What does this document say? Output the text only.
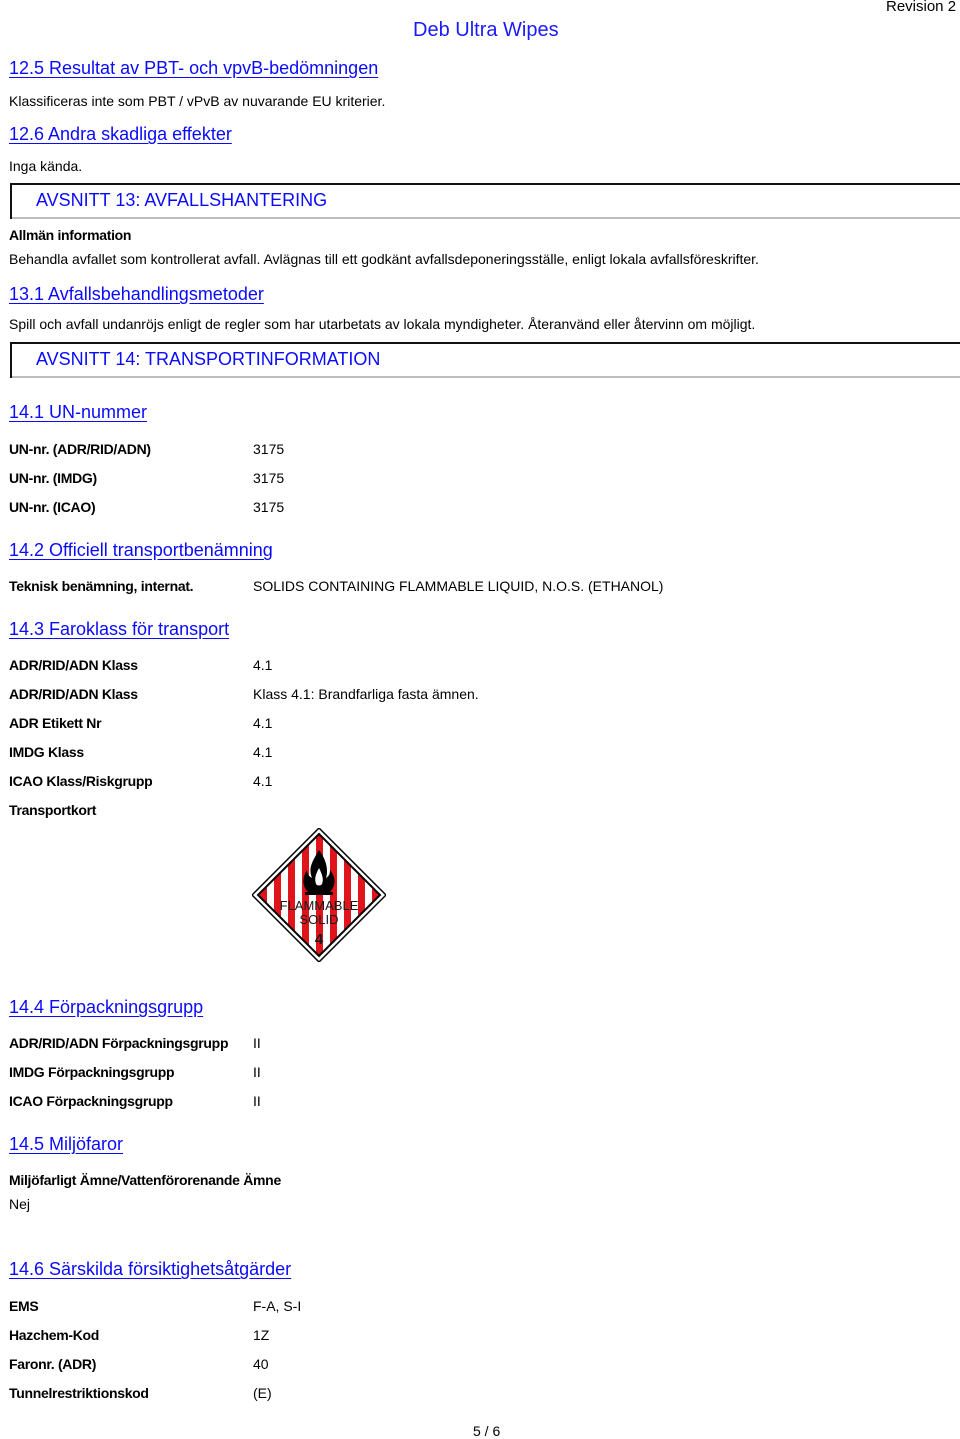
Deb Ultra Wipes
Revision 2
12.5 Resultat av PBT- och vpvB-bedömningen
Klassificeras inte som PBT / vPvB av nuvarande EU kriterier.
12.6 Andra skadliga effekter
Inga kända.
AVSNITT 13: AVFALLSHANTERING
Allmän information
Behandla avfallet som kontrollerat avfall. Avlägnas till ett godkänt avfallsdeponeringsställe, enligt lokala avfallsföreskrifter.
13.1 Avfallsbehandlingsmetoder
Spill och avfall undanröjs enligt de regler som har utarbetats av lokala myndigheter. Återanvänd eller återvinn om möjligt.
AVSNITT 14: TRANSPORTINFORMATION
14.1 UN-nummer
UN-nr. (ADR/RID/ADN)	3175
UN-nr. (IMDG)	3175
UN-nr. (ICAO)	3175
14.2 Officiell transportbenämning
Teknisk benämning, internat.	SOLIDS CONTAINING FLAMMABLE LIQUID, N.O.S. (ETHANOL)
14.3 Faroklass för transport
ADR/RID/ADN Klass	4.1
ADR/RID/ADN Klass	Klass 4.1: Brandfarliga fasta ämnen.
ADR Etikett Nr	4.1
IMDG Klass	4.1
ICAO Klass/Riskgrupp	4.1
Transportkort
FLAMMABLE
SOLID
4
14.4 Förpackningsgrupp
ADR/RID/ADN Förpackningsgrupp II
IMDG Förpackningsgrupp	II
ICAO Förpackningsgrupp	II
14.5 Miljöfaror
Miljöfarligt Ämne/Vattenförorenande Ämne
Nej
14.6 Särskilda försiktighetsåtgärder
EMS	F-A, S-I
Hazchem-Kod	1Z
Faronr. (ADR)	40
Tunnelrestriktionskod	(E)
5 / 6
